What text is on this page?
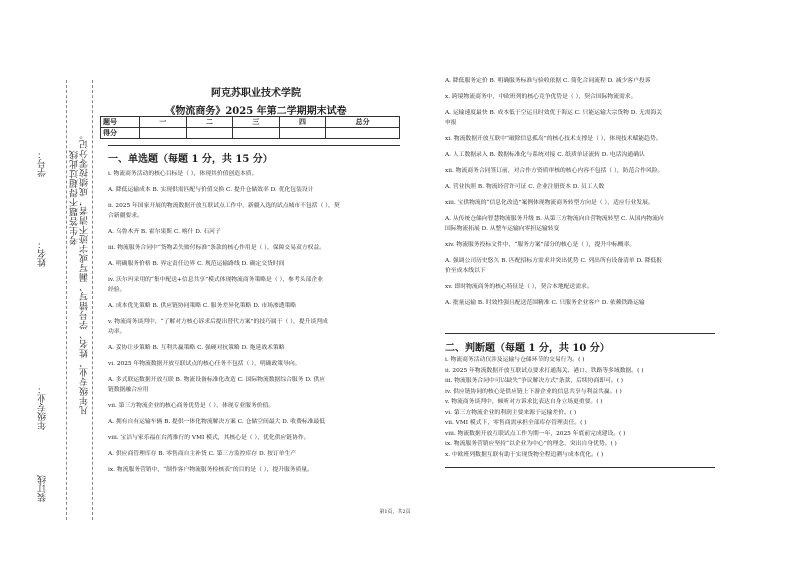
学号：
姓名：
年级专业：
装订线
考生答题不得超过此线 凡年级专业、姓名、学号错写、漏写或字迹不清者，成绩按零分记。
阿克苏职业技术学院
《物流商务》2025 年第二学期期末试卷
题号	一	二	三	四	总分
得分					
一、单选题（每题 1 分，共 15 分）
i. 物流商务活动的核心目标是（ ），体现其价值创造本质。
A. 降低运输成本 B. 实现供需匹配与价值交换 C. 提升仓储效率 D. 优化包装设计
ii. 2025 年国家开展的物流数据开放互联试点工作中，新疆入选的试点城市不包括（ ），契
合新疆要求。
A. 乌鲁木齐 B. 霍尔果斯 C. 喀什 D. 石河子
iii. 物流服务合同中“货物丢失赔付标准”条款的核心作用是（ ），保障交易双方权益。
A. 明确服务价格 B. 界定责任边界 C. 规范运输路线 D. 确定交货时间
iv. 沃尔玛采用的“集中配送+信息共享”模式体现物流商务策略是（ ），参考头部企业
经验。
A. 成本优先策略 B. 供应链协同策略 C. 服务差异化策略 D. 市场渗透策略
v. 物流商务谈判中，“了解对方核心诉求后提出替代方案”的技巧属于（ ），提升谈判成
功率。
A. 妥协让步策略 B. 互利共赢策略 C. 强硬对抗策略 D. 拖延战术策略
vi. 2025 年物流数据开放互联试点的核心任务不包括（ ），明确政策导向。
A. 多式联运数据开放互联 B. 物流设备标准化改造 C. 国际物流数据综合服务 D. 供应
链数据融合应用
vii. 第三方物流企业的核心商务优势是（ ），体现专业服务价值。
A. 拥有自有运输车辆 B. 提供一体化物流解决方案 C. 仓储空间最大 D. 收费标准最低
viii. 宝洁与家乐福在台湾推行的 VMI 模式，其核心是（ ），优化供应链协作。
A. 供应商管理库存 B. 零售商自主补货 C. 第三方监控库存 D. 按订单生产
ix. 物流服务营销中，“制作客户物流服务检核表”的目的是（ ），提升服务质量。
A. 降低服务定价 B. 明确服务标准与验收依据 C. 简化合同流程 D. 减少客户投诉
x. 跨境物流商务中，中欧班列的核心竞争优势是（ ），契合国际物流需求。
A. 运输速度最快 B. 成本低于空运且时效优于海运 C. 只能运输大宗货物 D. 无需海关
申报
xi. 物流数据开放互联中“破除信息孤岛”的核心技术支撑是（ ），体现技术赋能趋势。
A. 人工数据录入 B. 数据标准化与系统对接 C. 纸质单证流转 D. 电话沟通确认
xii. 物流商务合同签订前，对合作方资质审核的核心内容不包括（ ），防范合作风险。
A. 营业执照 B. 物流经营许可证 C. 企业注册资本 D. 员工人数
xiii. 宝供物流的“信息化改造”案例体现物流商务转型方向是（ ），适应行业发展。
A. 从传统仓储向智慧物流服务升级 B. 从第三方物流向自营物流转型 C. 从国内物流向
国际物流拓展 D. 从整车运输向零担运输转变
xiv. 物流服务投标文件中，“服务方案”部分的核心是（ ），提升中标概率。
A. 强调公司历史悠久 B. 匹配招标方需求并突出优势 C. 列出所有设备清单 D. 降低报
价至成本线以下
xv. 即时物流商务的核心特征是（ ），契合本地配送需求。
A. 批量运输 B. 时效性强且配送范围精准 C. 只服务企业客户 D. 依赖铁路运输
二、判断题（每题 1 分，共 10 分）
i. 物流商务活动仅涉及运输与仓储环节的交易行为。( )
ii. 2025 年物流数据开放互联试点要求打通海关、港口、铁路等多域数据。( )
iii. 物流服务合同中可以缺失“争议解决方式”条款，后续协商即可。( )
iv. 供应链协同的核心是供应链上下游企业的信息共享与利益共赢。( )
v. 物流商务谈判中，倾听对方诉求比表达自身立场更重要。( )
vi. 第三方物流企业的利润主要来源于运输差价。( )
vii. VMI 模式下，零售商需承担全部库存管理责任。( )
viii. 物流数据开放互联试点工作为期一年，2025 年底前完成建设。( )
ix. 物流服务营销应坚持“以企业为中心”的理念，突出自身优势。( )
x. 中欧班列数据互联有助于实现货物全程追溯与成本优化。( )
第1页，共2页
